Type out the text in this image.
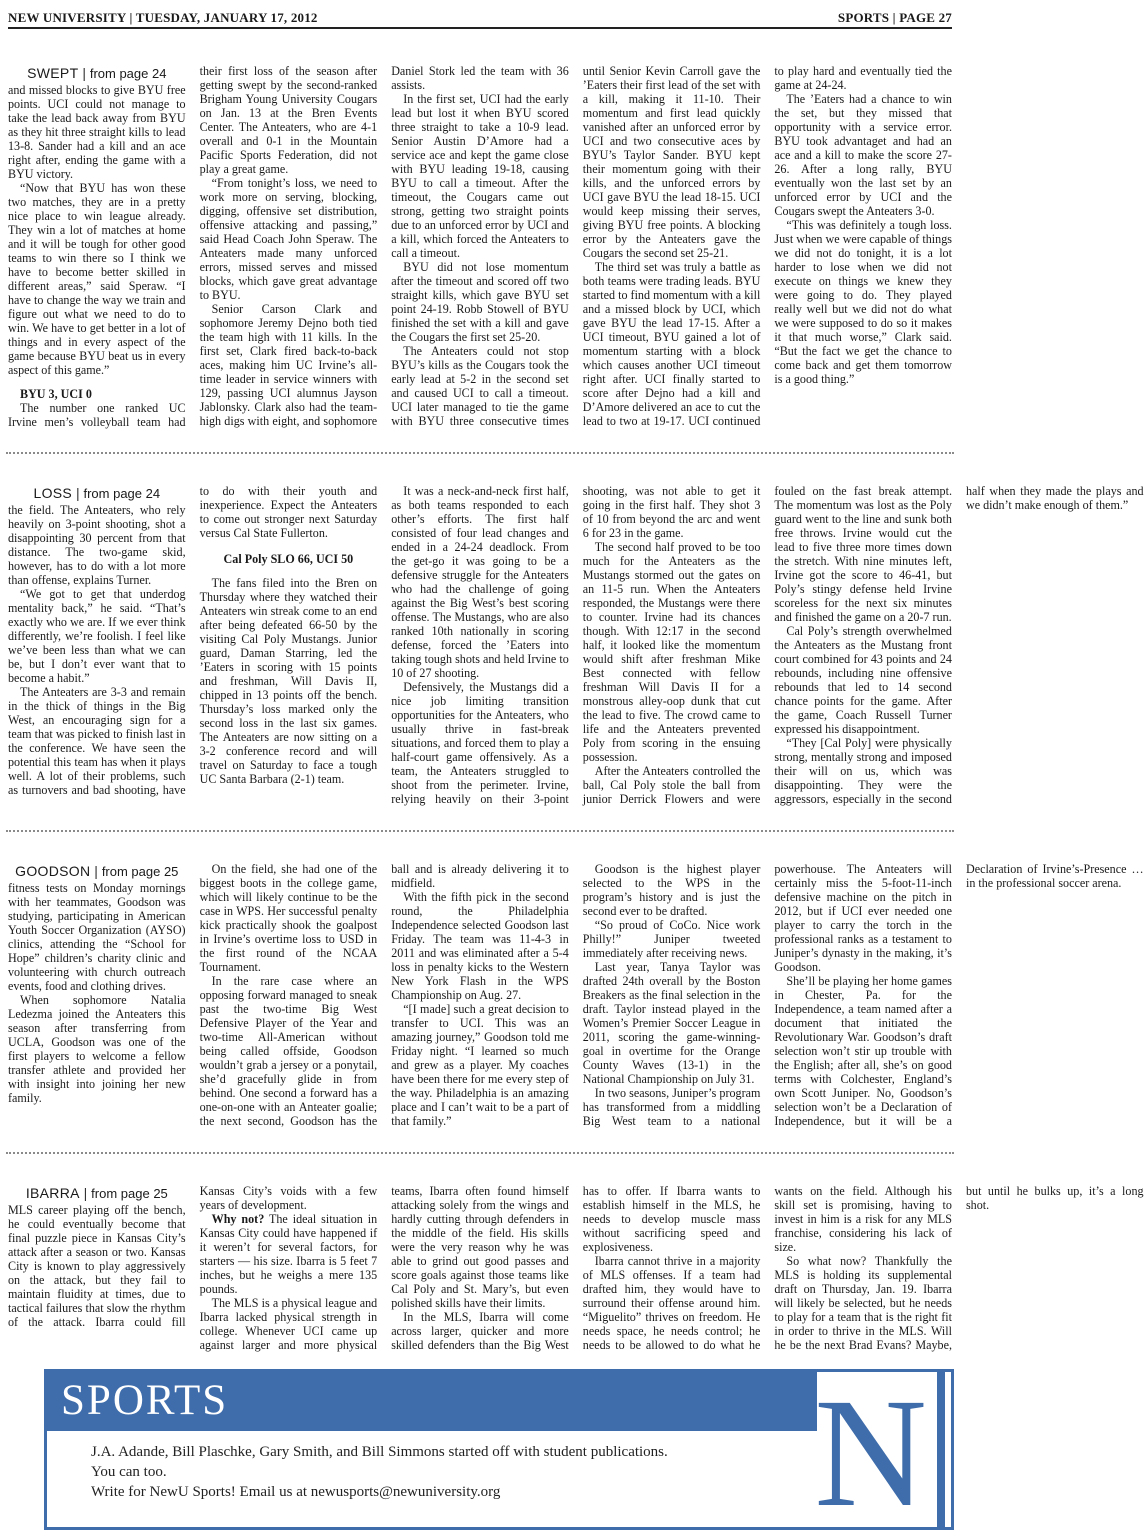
NEW UNIVERSITY | TUESDAY, JANUARY 17, 2012	SPORTS | PAGE 27

SWEPT | from page 24

and missed blocks to give BYU free points. UCI could not manage to take the lead back away from BYU as they hit three straight kills to lead 13-8. Sander had a kill and an ace right after, ending the game with a BYU victory.

“Now that BYU has won these two matches, they are in a pretty nice place to win league already. They win a lot of matches at home and it will be tough for other good teams to win there so I think we have to become better skilled in different areas,” said Speraw. “I have to change the way we train and figure out what we need to do to win. We have to get better in a lot of things and in every aspect of the game because BYU beat us in every aspect of this game.”

BYU 3, UCI 0

The number one ranked UC Irvine men’s volleyball team had their first loss of the season after getting swept by the second-ranked Brigham Young University Cougars on Jan. 13 at the Bren Events Center. The Anteaters, who are 4-1 overall and 0-1 in the Mountain Pacific Sports Federation, did not play a great game.

“From tonight’s loss, we need to work more on serving, blocking, digging, offensive set distribution, offensive attacking and passing,” said Head Coach John Speraw. The Anteaters made many unforced errors, missed serves and missed blocks, which gave great advantage to BYU.

Senior Carson Clark and sophomore Jeremy Dejno both tied the team high with 11 kills. In the first set, Clark fired back-to-back aces, making him UC Irvine’s all-time leader in service winners with 129, passing UCI alumnus Jayson Jablonsky. Clark also had the team-high digs with eight, and sophomore Daniel Stork led the team with 36 assists.

In the first set, UCI had the early lead but lost it when BYU scored three straight to take a 10-9 lead. Senior Austin D’Amore had a service ace and kept the game close with BYU leading 19-18, causing BYU to call a timeout. After the timeout, the Cougars came out strong, getting two straight points due to an unforced error by UCI and a kill, which forced the Anteaters to call a timeout.

BYU did not lose momentum after the timeout and scored off two straight kills, which gave BYU set point 24-19. Robb Stowell of BYU finished the set with a kill and gave the Cougars the first set 25-20.

The Anteaters could not stop BYU’s kills as the Cougars took the early lead at 5-2 in the second set and caused UCI to call a timeout. UCI later managed to tie the game with BYU three consecutive times until Senior Kevin Carroll gave the ’Eaters their first lead of the set with a kill, making it 11-10. Their momentum and first lead quickly vanished after an unforced error by UCI and two consecutive aces by BYU’s Taylor Sander. BYU kept their momentum going with their kills, and the unforced errors by UCI gave BYU the lead 18-15. UCI would keep missing their serves, giving BYU free points. A blocking error by the Anteaters gave the Cougars the second set 25-21.

The third set was truly a battle as both teams were trading leads. BYU started to find momentum with a kill and a missed block by UCI, which gave BYU the lead 17-15. After a UCI timeout, BYU gained a lot of momentum starting with a block which causes another UCI timeout right after. UCI finally started to score after Dejno had a kill and D’Amore delivered an ace to cut the lead to two at 19-17. UCI continued to play hard and eventually tied the game at 24-24.

The ’Eaters had a chance to win the set, but they missed that opportunity with a service error. BYU took advantaget and had an ace and a kill to make the score 27-26. After a long rally, BYU eventually won the last set by an unforced error by UCI and the Cougars swept the Anteaters 3-0.

“This was definitely a tough loss. Just when we were capable of things we did not do tonight, it is a lot harder to lose when we did not execute on things we knew they were going to do. They played really well but we did not do what we were supposed to do so it makes it that much worse,” Clark said. “But the fact we get the chance to come back and get them tomorrow is a good thing.”

LOSS | from page 24

the field. The Anteaters, who rely heavily on 3-point shooting, shot a disappointing 30 percent from that distance. The two-game skid, however, has to do with a lot more than offense, explains Turner.

“We got to get that underdog mentality back,” he said. “That’s exactly who we are. If we ever think differently, we’re foolish. I feel like we’ve been less than what we can be, but I don’t ever want that to become a habit.”

The Anteaters are 3-3 and remain in the thick of things in the Big West, an encouraging sign for a team that was picked to finish last in the conference. We have seen the potential this team has when it plays well. A lot of their problems, such as turnovers and bad shooting, have to do with their youth and inexperience. Expect the Anteaters to come out stronger next Saturday versus Cal State Fullerton.

Cal Poly SLO 66, UCI 50

The fans filed into the Bren on Thursday where they watched their Anteaters win streak come to an end after being defeated 66-50 by the visiting Cal Poly Mustangs. Junior guard, Daman Starring, led the ’Eaters in scoring with 15 points and freshman, Will Davis II, chipped in 13 points off the bench. Thursday’s loss marked only the second loss in the last six games. The Anteaters are now sitting on a 3-2 conference record and will travel on Saturday to face a tough UC Santa Barbara (2-1) team.

It was a neck-and-neck first half, as both teams responded to each other’s efforts. The first half consisted of four lead changes and ended in a 24-24 deadlock. From the get-go it was going to be a defensive struggle for the Anteaters who had the challenge of going against the Big West’s best scoring offense. The Mustangs, who are also ranked 10th nationally in scoring defense, forced the ’Eaters into taking tough shots and held Irvine to 10 of 27 shooting.

Defensively, the Mustangs did a nice job limiting transition opportunities for the Anteaters, who usually thrive in fast-break situations, and forced them to play a half-court game offensively. As a team, the Anteaters struggled to shoot from the perimeter. Irvine, relying heavily on their 3-point shooting, was not able to get it going in the first half. They shot 3 of 10 from beyond the arc and went 6 for 23 in the game.

The second half proved to be too much for the Anteaters as the Mustangs stormed out the gates on an 11-5 run. When the Anteaters responded, the Mustangs were there to counter. Irvine had its chances though. With 12:17 in the second half, it looked like the momentum would shift after freshman Mike Best connected with fellow freshman Will Davis II for a monstrous alley-oop dunk that cut the lead to five. The crowd came to life and the Anteaters prevented Poly from scoring in the ensuing possession.

After the Anteaters controlled the ball, Cal Poly stole the ball from junior Derrick Flowers and were fouled on the fast break attempt. The momentum was lost as the Poly guard went to the line and sunk both free throws. Irvine would cut the lead to five three more times down the stretch. With nine minutes left, Irvine got the score to 46-41, but Poly’s stingy defense held Irvine scoreless for the next six minutes and finished the game on a 20-7 run.

Cal Poly’s strength overwhelmed the Anteaters as the Mustang front court combined for 43 points and 24 rebounds, including nine offensive rebounds that led to 14 second chance points for the game. After the game, Coach Russell Turner expressed his disappointment.

“They [Cal Poly] were physically strong, mentally strong and imposed their will on us, which was disappointing. They were the aggressors, especially in the second half when they made the plays and we didn’t make enough of them.”

GOODSON | from page 25

fitness tests on Monday mornings with her teammates, Goodson was studying, participating in American Youth Soccer Organization (AYSO) clinics, attending the “School for Hope” children’s charity clinic and volunteering with church outreach events, food and clothing drives.

When sophomore Natalia Ledezma joined the Anteaters this season after transferring from UCLA, Goodson was one of the first players to welcome a fellow transfer athlete and provided her with insight into joining her new family.

On the field, she had one of the biggest boots in the college game, which will likely continue to be the case in WPS. Her successful penalty kick practically shook the goalpost in Irvine’s overtime loss to USD in the first round of the NCAA Tournament.

In the rare case where an opposing forward managed to sneak past the two-time Big West Defensive Player of the Year and two-time All-American without being called offside, Goodson wouldn’t grab a jersey or a ponytail, she’d gracefully glide in from behind. One second a forward has a one-on-one with an Anteater goalie; the next second, Goodson has the ball and is already delivering it to midfield.

With the fifth pick in the second round, the Philadelphia Independence selected Goodson last Friday. The team was 11-4-3 in 2011 and was eliminated after a 5-4 loss in penalty kicks to the Western New York Flash in the WPS Championship on Aug. 27.

“[I made] such a great decision to transfer to UCI. This was an amazing journey,” Goodson told me Friday night. “I learned so much and grew as a player. My coaches have been there for me every step of the way. Philadelphia is an amazing place and I can’t wait to be a part of that family.”

Goodson is the highest player selected to the WPS in the program’s history and is just the second ever to be drafted.

“So proud of CoCo. Nice work Philly!” Juniper tweeted immediately after receiving news.

Last year, Tanya Taylor was drafted 24th overall by the Boston Breakers as the final selection in the draft. Taylor instead played in the Women’s Premier Soccer League in 2011, scoring the game-winning-goal in overtime for the Orange County Waves (13-1) in the National Championship on July 31.

In two seasons, Juniper’s program has transformed from a middling Big West team to a national powerhouse. The Anteaters will certainly miss the 5-foot-11-inch defensive machine on the pitch in 2012, but if UCI ever needed one player to carry the torch in the professional ranks as a testament to Juniper’s dynasty in the making, it’s Goodson.

She’ll be playing her home games in Chester, Pa. for the Independence, a team named after a document that initiated the Revolutionary War. Goodson’s draft selection won’t stir up trouble with the English; after all, she’s on good terms with Colchester, England’s own Scott Juniper. No, Goodson’s selection won’t be a Declaration of Independence, but it will be a Declaration of Irvine’s-Presence … in the professional soccer arena.

IBARRA | from page 25

MLS career playing off the bench, he could eventually become that final puzzle piece in Kansas City’s attack after a season or two. Kansas City is known to play aggressively on the attack, but they fail to maintain fluidity at times, due to tactical failures that slow the rhythm of the attack. Ibarra could fill Kansas City’s voids with a few years of development.

Why not? The ideal situation in Kansas City could have happened if it weren’t for several factors, for starters — his size. Ibarra is 5 feet 7 inches, but he weighs a mere 135 pounds.

The MLS is a physical league and Ibarra lacked physical strength in college. Whenever UCI came up against larger and more physical teams, Ibarra often found himself attacking solely from the wings and hardly cutting through defenders in the middle of the field. His skills were the very reason why he was able to grind out good passes and score goals against those teams like Cal Poly and St. Mary’s, but even polished skills have their limits.

In the MLS, Ibarra will come across larger, quicker and more skilled defenders than the Big West has to offer. If Ibarra wants to establish himself in the MLS, he needs to develop muscle mass without sacrificing speed and explosiveness.

Ibarra cannot thrive in a majority of MLS offenses. If a team had drafted him, they would have to surround their offense around him. “Miguelito” thrives on freedom. He needs space, he needs control; he needs to be allowed to do what he wants on the field. Although his skill set is promising, having to invest in him is a risk for any MLS franchise, considering his lack of size.

So what now? Thankfully the MLS is holding its supplemental draft on Thursday, Jan. 19. Ibarra will likely be selected, but he needs to play for a team that is the right fit in order to thrive in the MLS. Will he be the next Brad Evans? Maybe, but until he bulks up, it’s a long shot.

SPORTS
J.A. Adande, Bill Plaschke, Gary Smith, and Bill Simmons started off with student publications.
You can too.
Write for NewU Sports! Email us at newusports@newuniversity.org	N
